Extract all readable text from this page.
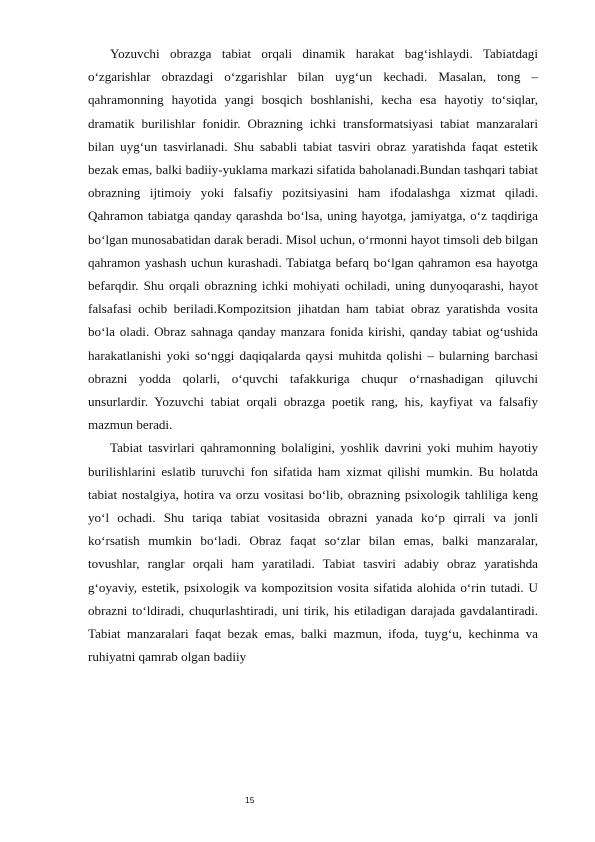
Yozuvchi obrazga tabiat orqali dinamik harakat bag‘ishlaydi. Tabiatdagi o‘zgarishlar obrazdagi o‘zgarishlar bilan uyg‘un kechadi. Masalan, tong – qahramonning hayotida yangi bosqich boshlanishi, kecha esa hayotiy to‘siqlar, dramatik burilishlar fonidir. Obrazning ichki transformatsiyasi tabiat manzaralari bilan uyg‘un tasvirlanadi. Shu sababli tabiat tasviri obraz yaratishda faqat estetik bezak emas, balki badiiy-yuklama markazi sifatida baholanadi.Bundan tashqari tabiat obrazning ijtimoiy yoki falsafiy pozitsiyasini ham ifodalashga xizmat qiladi. Qahramon tabiatga qanday qarashda bo‘lsa, uning hayotga, jamiyatga, o‘z taqdiriga bo‘lgan munosabatidan darak beradi. Misol uchun, o‘rmonni hayot timsoli deb bilgan qahramon yashash uchun kurashadi. Tabiatga befarq bo‘lgan qahramon esa hayotga befarqdir. Shu orqali obrazning ichki mohiyati ochiladi, uning dunyoqarashi, hayot falsafasi ochib beriladi.Kompozitsion jihatdan ham tabiat obraz yaratishda vosita bo‘la oladi. Obraz sahnaga qanday manzara fonida kirishi, qanday tabiat og‘ushida harakatlanishi yoki so‘nggi daqiqalarda qaysi muhitda qolishi – bularning barchasi obrazni yodda qolarli, o‘quvchi tafakkuriga chuqur o‘rnashadigan qiluvchi unsurlardir. Yozuvchi tabiat orqali obrazga poetik rang, his, kayfiyat va falsafiy mazmun beradi.

Tabiat tasvirlari qahramonning bolaligini, yoshlik davrini yoki muhim hayotiy burilishlarini eslatib turuvchi fon sifatida ham xizmat qilishi mumkin. Bu holatda tabiat nostalgiya, hotira va orzu vositasi bo‘lib, obrazning psixologik tahliliga keng yo‘l ochadi. Shu tariqa tabiat vositasida obrazni yanada ko‘p qirrali va jonli ko‘rsatish mumkin bo‘ladi. Obraz faqat so‘zlar bilan emas, balki manzaralar, tovushlar, ranglar orqali ham yaratiladi. Tabiat tasviri adabiy obraz yaratishda g‘oyaviy, estetik, psixologik va kompozitsion vosita sifatida alohida o‘rin tutadi. U obrazni to‘ldiradi, chuqurlashtiradi, uni tirik, his etiladigan darajada gavdalantiradi. Tabiat manzaralari faqat bezak emas, balki mazmun, ifoda, tuyg‘u, kechinma va ruhiyatni qamrab olgan badiiy

15
